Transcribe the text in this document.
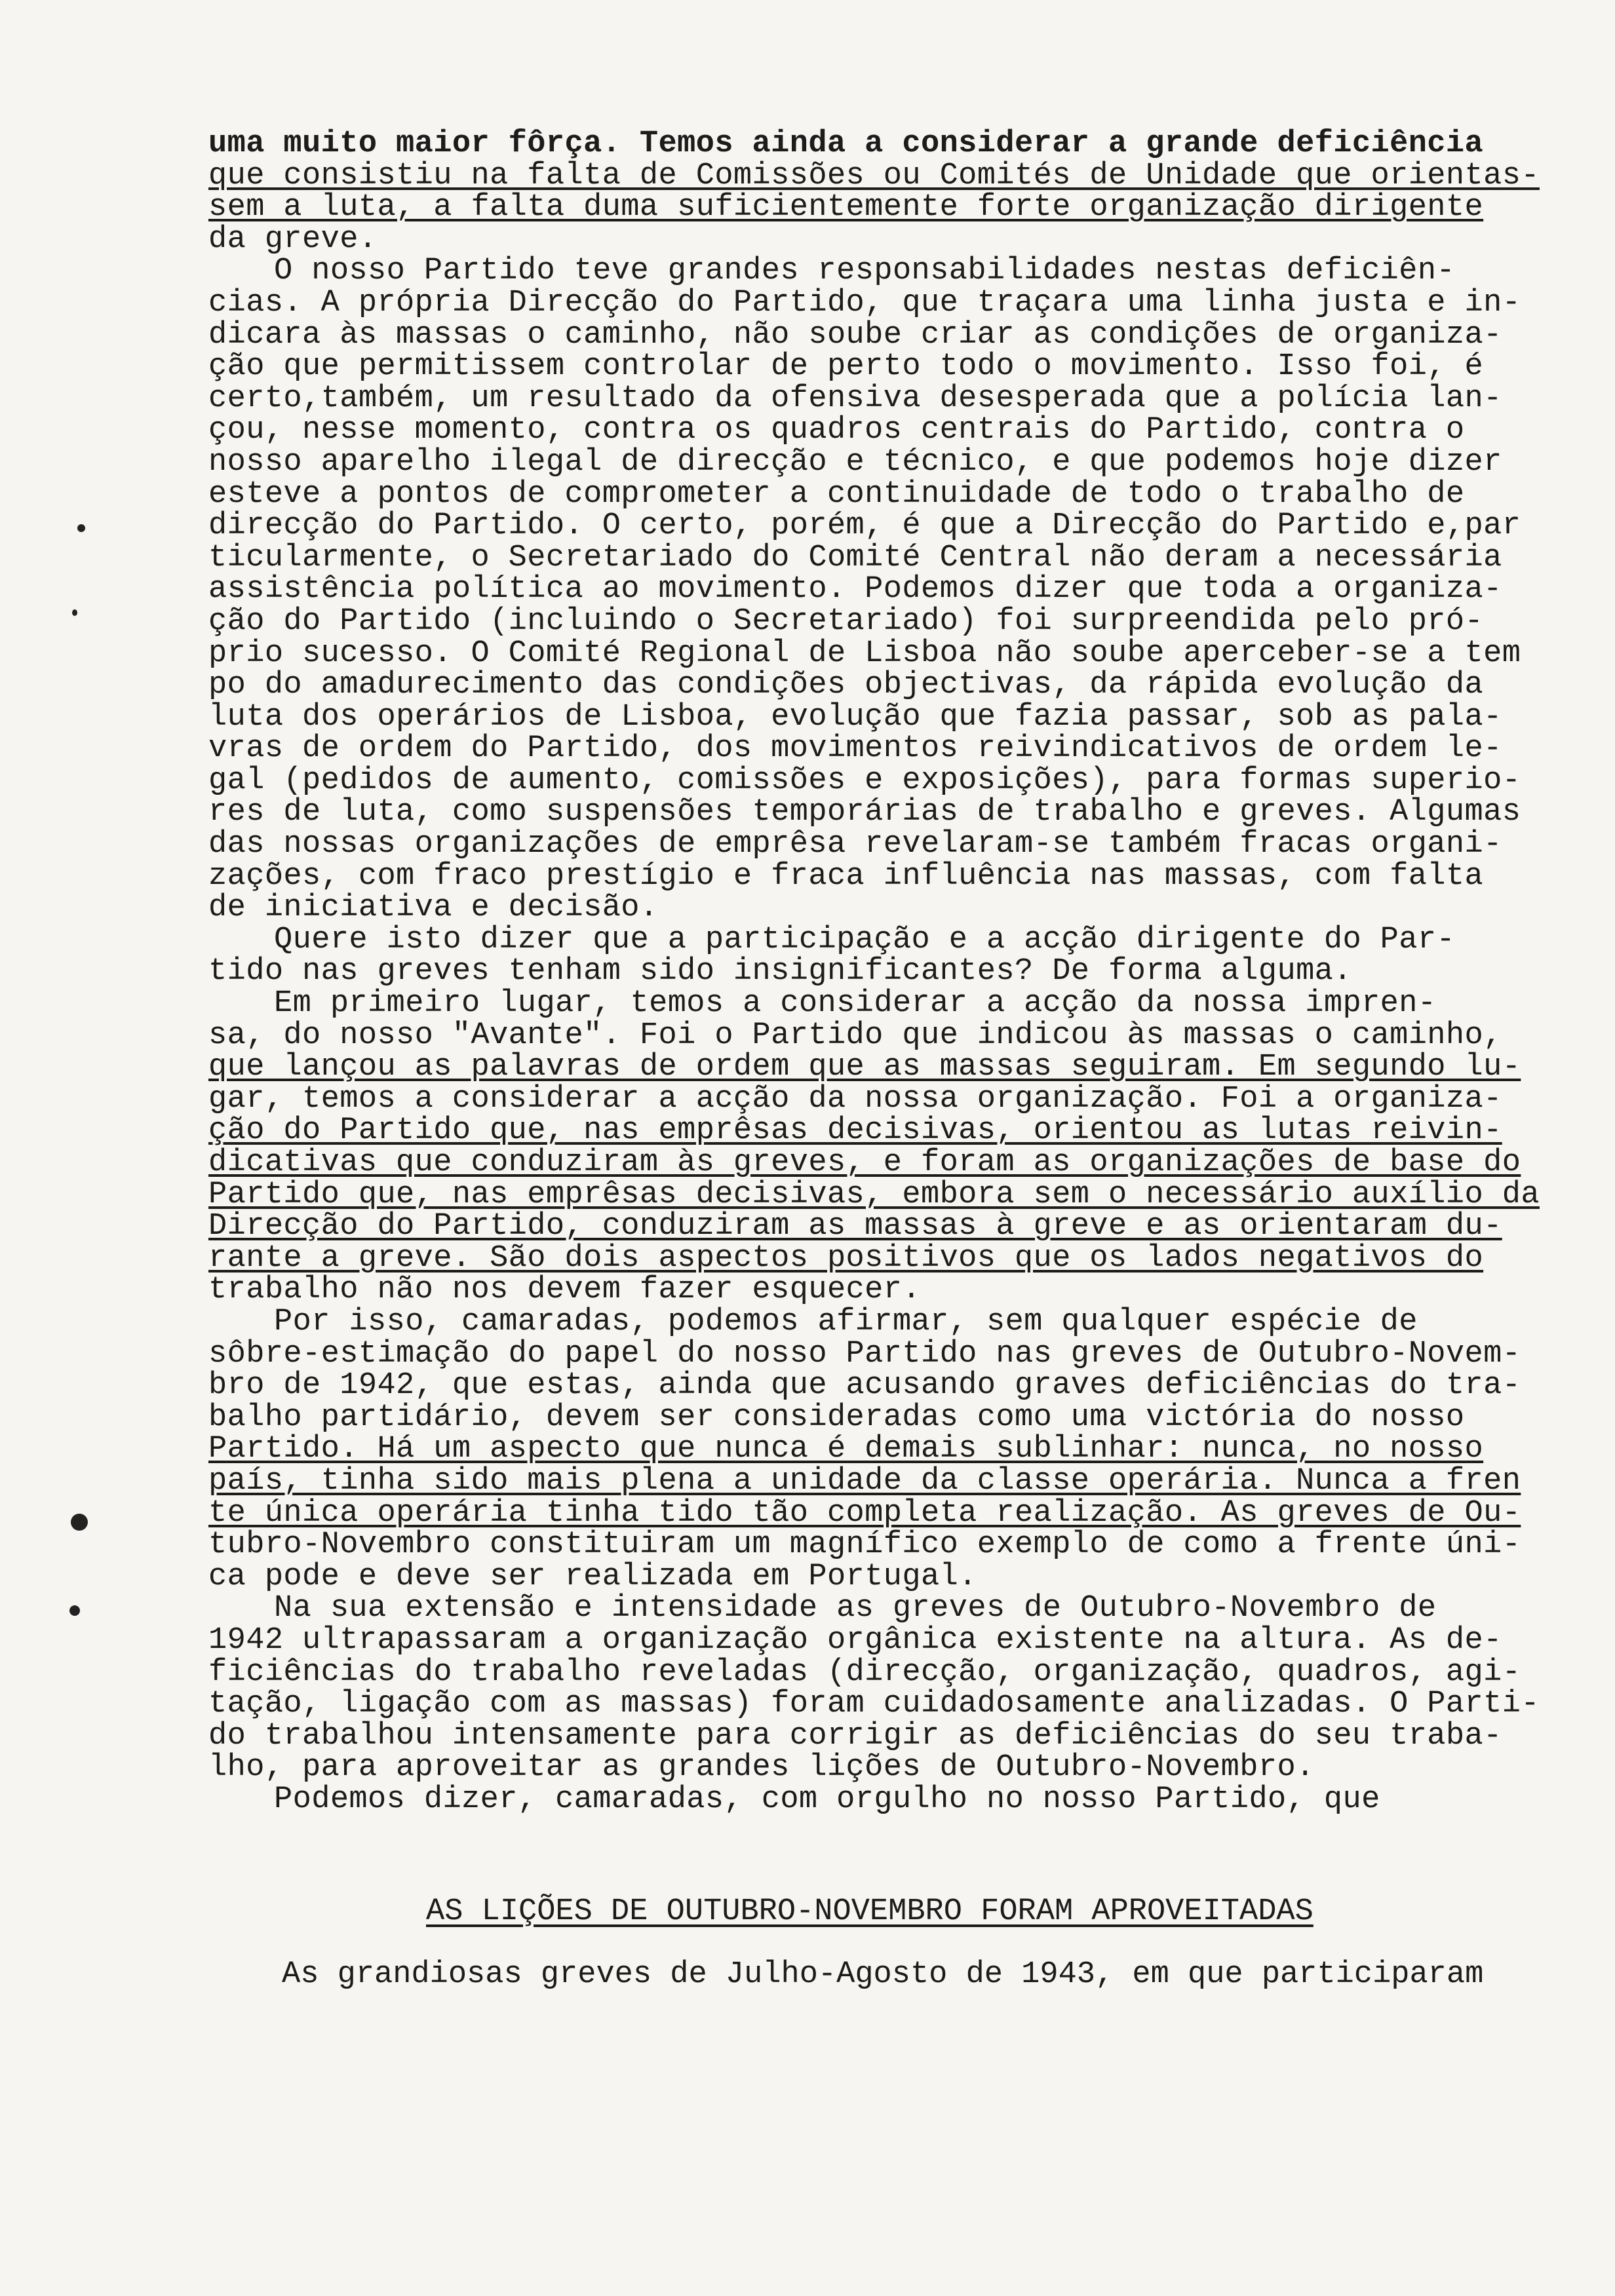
uma muito maior fôrça. Temos ainda a considerar a grande deficiência
que consistiu na falta de Comissões ou Comités de Unidade que orientas-
sem a luta, a falta duma suficientemente forte organização dirigente
da greve.
O nosso Partido teve grandes responsabilidades nestas deficiên-
cias. A própria Direcção do Partido, que traçara uma linha justa e in-
dicara às massas o caminho, não soube criar as condições de organiza-
ção que permitissem controlar de perto todo o movimento. Isso foi, é
certo,também, um resultado da ofensiva desesperada que a polícia lan-
çou, nesse momento, contra os quadros centrais do Partido, contra o
nosso aparelho ilegal de direcção e técnico, e que podemos hoje dizer
esteve a pontos de comprometer a continuidade de todo o trabalho de
direcção do Partido. O certo, porém, é que a Direcção do Partido e,par
ticularmente, o Secretariado do Comité Central não deram a necessária
assistência política ao movimento. Podemos dizer que toda a organiza-
ção do Partido (incluindo o Secretariado) foi surpreendida pelo pró-
prio sucesso. O Comité Regional de Lisboa não soube aperceber-se a tem
po do amadurecimento das condições objectivas, da rápida evolução da
luta dos operários de Lisboa, evolução que fazia passar, sob as pala-
vras de ordem do Partido, dos movimentos reivindicativos de ordem le-
gal (pedidos de aumento, comissões e exposições), para formas superio-
res de luta, como suspensões temporárias de trabalho e greves. Algumas
das nossas organizações de emprêsa revelaram-se também fracas organi-
zações, com fraco prestígio e fraca influência nas massas, com falta
de iniciativa e decisão.
Quere isto dizer que a participação e a acção dirigente do Par-
tido nas greves tenham sido insignificantes? De forma alguma.
Em primeiro lugar, temos a considerar a acção da nossa impren-
sa, do nosso "Avante". Foi o Partido que indicou às massas o caminho,
que lançou as palavras de ordem que as massas seguiram. Em segundo lu-
gar, temos a considerar a acção da nossa organização. Foi a organiza-
ção do Partido que, nas emprêsas decisivas, orientou as lutas reivin-
dicativas que conduziram às greves, e foram as organizações de base do
Partido que, nas emprêsas decisivas, embora sem o necessário auxílio da
Direcção do Partido, conduziram as massas à greve e as orientaram du-
rante a greve. São dois aspectos positivos que os lados negativos do
trabalho não nos devem fazer esquecer.
Por isso, camaradas, podemos afirmar, sem qualquer espécie de
sôbre-estimação do papel do nosso Partido nas greves de Outubro-Novem-
bro de 1942, que estas, ainda que acusando graves deficiências do tra-
balho partidário, devem ser consideradas como uma victória do nosso
Partido. Há um aspecto que nunca é demais sublinhar: nunca, no nosso
país, tinha sido mais plena a unidade da classe operária. Nunca a fren
te única operária tinha tido tão completa realização. As greves de Ou-
tubro-Novembro constituiram um magnífico exemplo de como a frente úni-
ca pode e deve ser realizada em Portugal.
Na sua extensão e intensidade as greves de Outubro-Novembro de
1942 ultrapassaram a organização orgânica existente na altura. As de-
ficiências do trabalho reveladas (direcção, organização, quadros, agi-
tação, ligação com as massas) foram cuidadosamente analizadas. O Parti-
do trabalhou intensamente para corrigir as deficiências do seu traba-
lho, para aproveitar as grandes lições de Outubro-Novembro.
Podemos dizer, camaradas, com orgulho no nosso Partido, que
AS LIÇÕES DE OUTUBRO-NOVEMBRO FORAM APROVEITADAS
As grandiosas greves de Julho-Agosto de 1943, em que participaram
